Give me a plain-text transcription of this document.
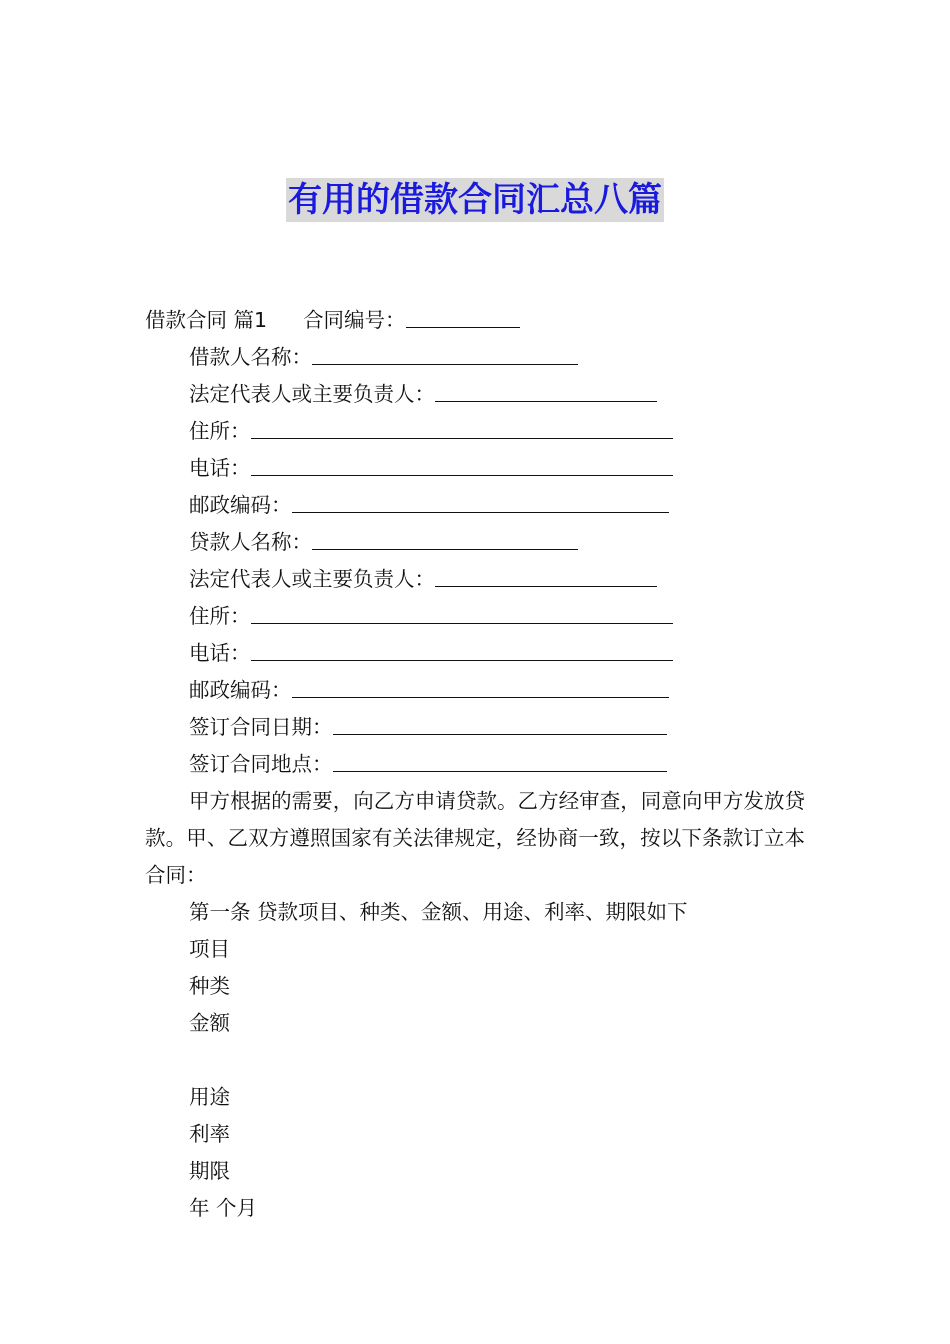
有用的借款合同汇总八篇
借款合同 篇1 合同编号：
借款人名称：
法定代表人或主要负责人：
住所：
电话：
邮政编码：
贷款人名称：
法定代表人或主要负责人：
住所：
电话：
邮政编码：
签订合同日期：
签订合同地点：
甲方根据的需要，向乙方申请贷款。乙方经审查，同意向甲方发放贷款。甲、乙双方遵照国家有关法律规定，经协商一致，按以下条款订立本合同：
第一条 贷款项目、种类、金额、用途、利率、期限如下
项目
种类
金额
用途
利率
期限
年 个月
